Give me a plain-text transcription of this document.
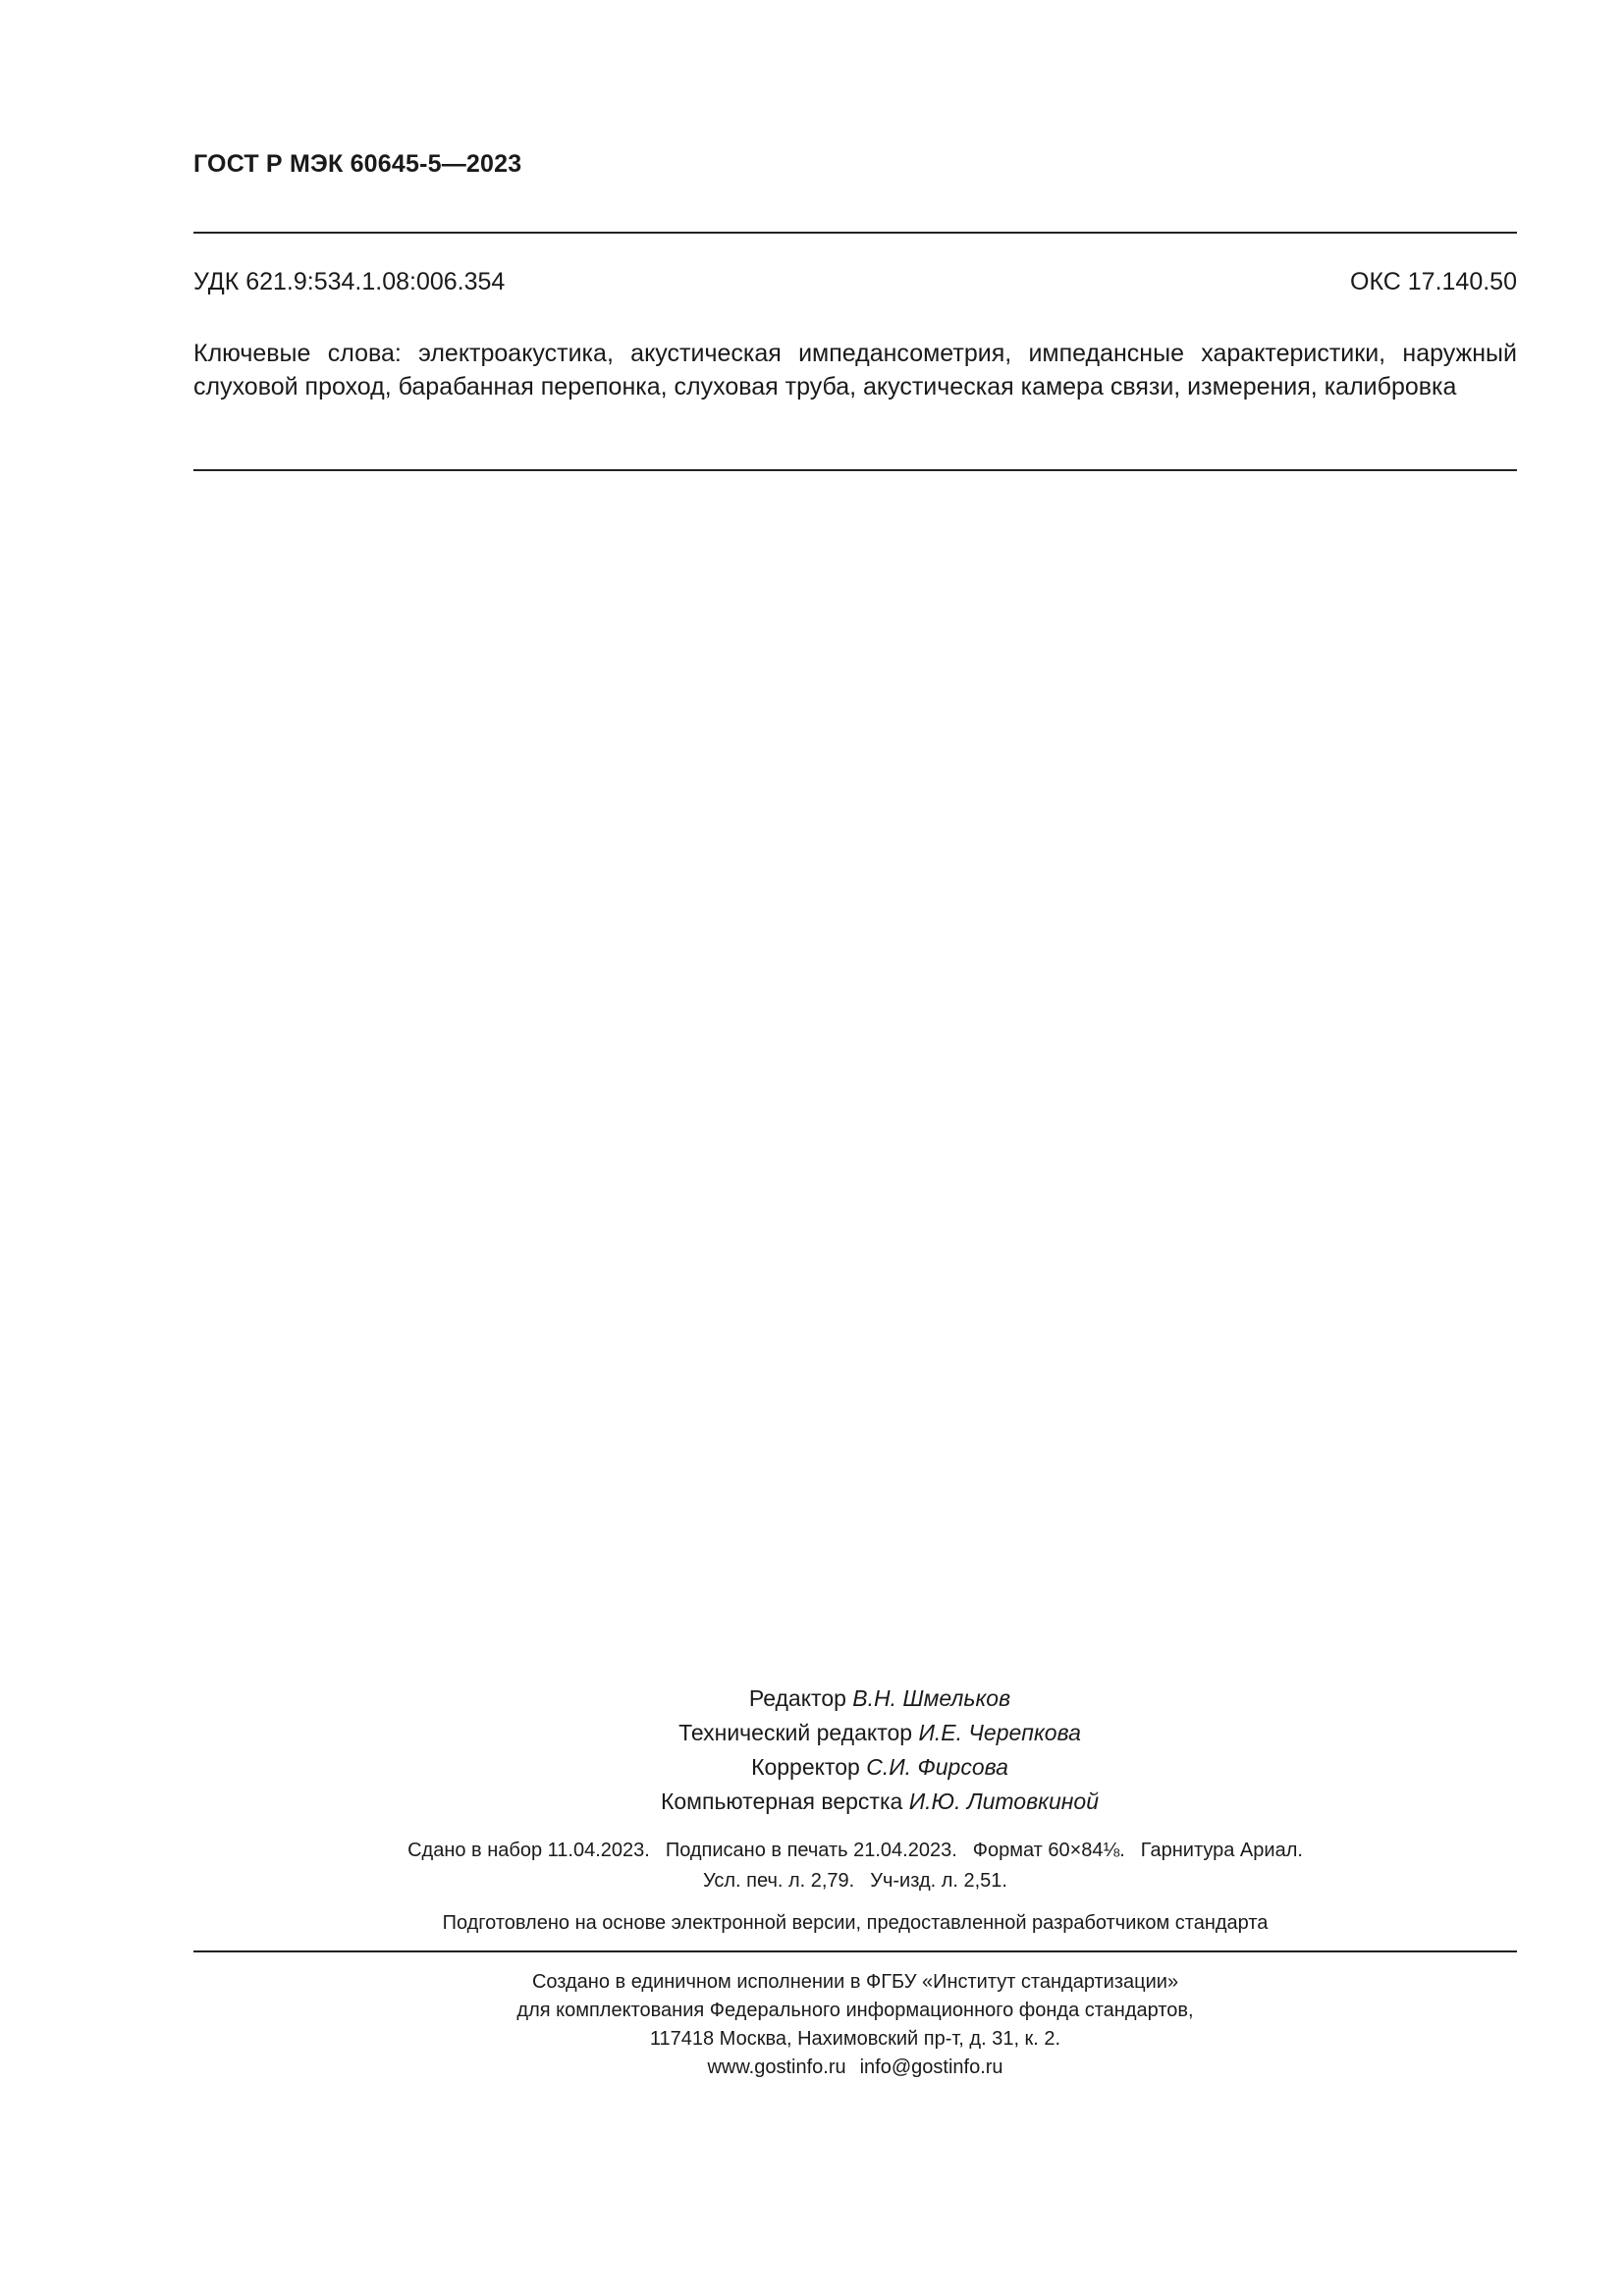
ГОСТ Р МЭК 60645-5—2023
УДК 621.9:534.1.08:006.354	ОКС 17.140.50
Ключевые слова: электроакустика, акустическая импедансометрия, импедансные характеристики, наружный слуховой проход, барабанная перепонка, слуховая труба, акустическая камера связи, измерения, калибровка
Редактор В.Н. Шмельков
Технический редактор И.Е. Черепкова
Корректор С.И. Фирсова
Компьютерная верстка И.Ю. Литовкиной
Сдано в набор 11.04.2023. Подписано в печать 21.04.2023. Формат 60×84⅛. Гарнитура Ариал.
Усл. печ. л. 2,79. Уч-изд. л. 2,51.
Подготовлено на основе электронной версии, предоставленной разработчиком стандарта
Создано в единичном исполнении в ФГБУ «Институт стандартизации»
для комплектования Федерального информационного фонда стандартов,
117418 Москва, Нахимовский пр-т, д. 31, к. 2.
www.gostinfo.ru info@gostinfo.ru
